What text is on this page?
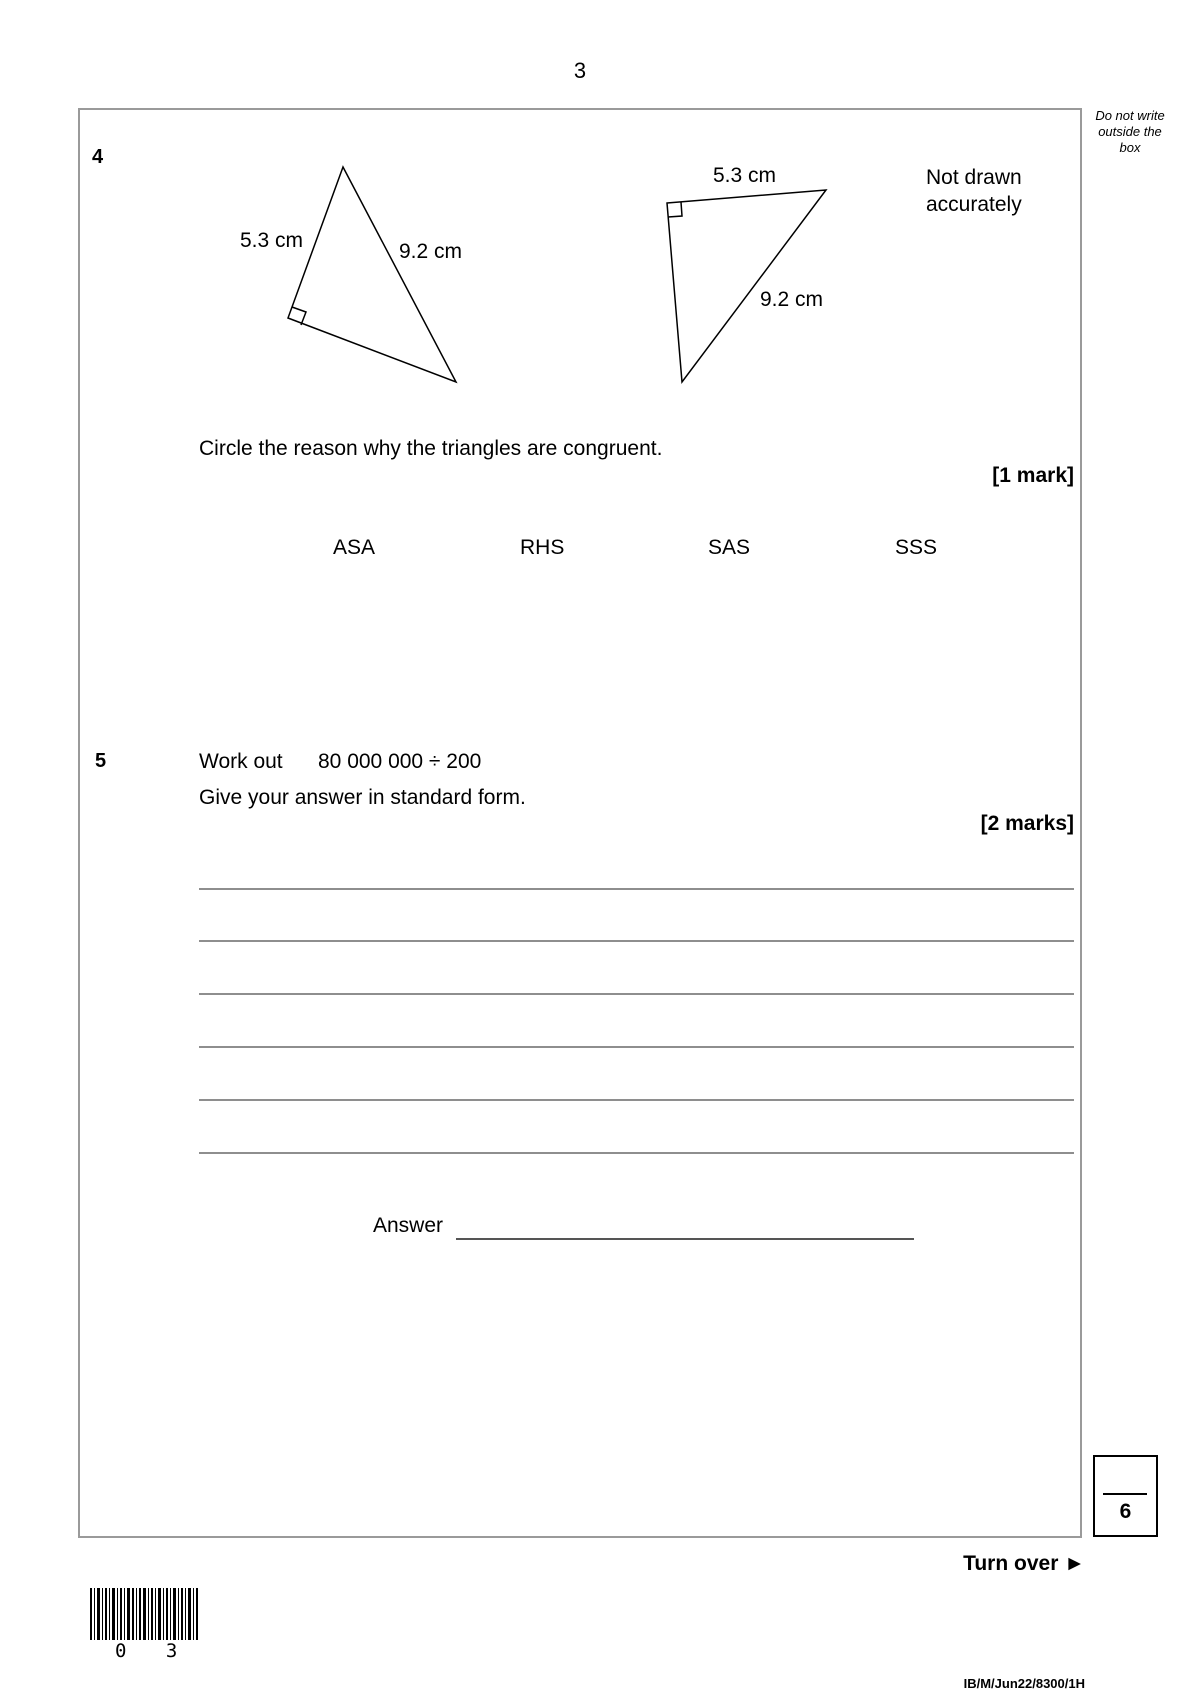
3
Do not write
outside the
box
4
5.3 cm	9.2 cm
5.3 cm
9.2 cm
Not drawn
accurately
Circle the reason why the triangles are congruent.
[1 mark]
ASA	RHS	SAS	SSS
5	Work out 80 000 000 ÷ 200
Give your answer in standard form.
[2 marks]
Answer
6
Turn over ►
0 3
IB/M/Jun22/8300/1H
